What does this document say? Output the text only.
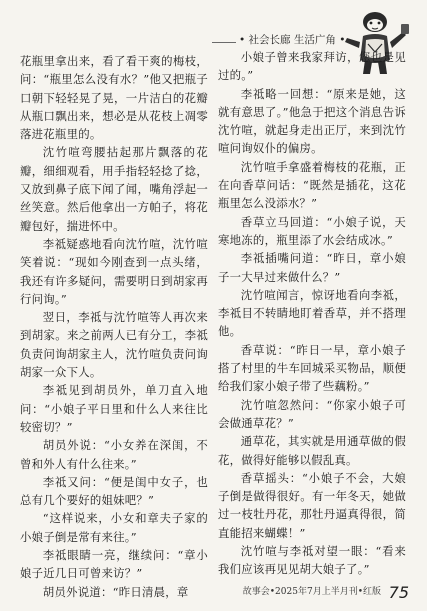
• 社会长廊 生活广角 •

花瓶里拿出来，看了看干爽的梅枝，问：“瓶里怎么没有水？”他又把瓶子口朝下轻轻晃了晃，一片洁白的花瓣从瓶口飘出来，想必是从花枝上凋零落进花瓶里的。

沈竹喧弯腰拈起那片飘落的花瓣，细细观看，用手指轻轻捻了捻，又放到鼻子底下闻了闻，嘴角浮起一丝笑意。然后他拿出一方帕子，将花瓣包好，揣进怀中。

李祗疑惑地看向沈竹喧，沈竹喧笑着说：“现如今刚查到一点头绪，我还有许多疑问，需要明日到胡家再行问询。”

翌日，李祗与沈竹喧等人再次来到胡家。来之前两人已有分工，李祗负责问询胡家主人，沈竹喧负责问询胡家一众下人。

李祗见到胡员外，单刀直入地问：“小娘子平日里和什么人来往比较密切？”

胡员外说：“小女养在深闺，不曾和外人有什么往来。”

李祗又问：“便是闺中女子，也总有几个要好的姐妹吧？”

“这样说来，小女和章夫子家的小娘子倒是常有来往。”

李祗眼睛一亮，继续问：“章小娘子近几日可曾来访？”

胡员外说道：“昨日清晨，章

小娘子曾来我家拜访，您也是见过的。”

李祗略一回想：“原来是她，这就有意思了。”他急于把这个消息告诉沈竹喧，就起身走出正厅，来到沈竹喧问询奴仆的偏房。

沈竹喧手拿盛着梅枝的花瓶，正在向香草问话：“既然是插花，这花瓶里怎么没添水？”

香草立马回道：“小娘子说，天寒地冻的，瓶里添了水会结成冰。”

李祗插嘴问道：“昨日，章小娘子一大早过来做什么？”

沈竹喧闻言，惊讶地看向李祗，李祗目不转睛地盯着香草，并不搭理他。

香草说：“昨日一早，章小娘子搭了村里的牛车回城采买物品，顺便给我们家小娘子带了些藕粉。”

沈竹喧忽然问：“你家小娘子可会做通草花？”

通草花，其实就是用通草做的假花，做得好能够以假乱真。

香草摇头：“小娘子不会，大娘子倒是做得很好。有一年冬天，她做过一枝牡丹花，那牡丹逼真得很，简直能招来蝴蝶！”

沈竹喧与李祗对望一眼：“看来我们应该再见见胡大娘子了。”

故事会•2025年7月上半月刊•红版 75
